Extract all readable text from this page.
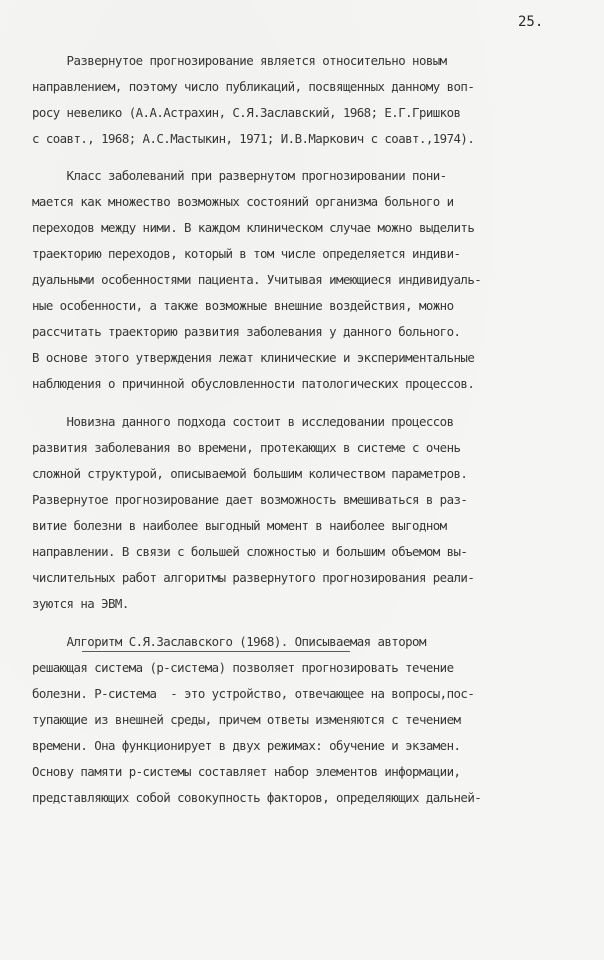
25.
Развернутое прогнозирование является относительно новым
направлением, поэтому число публикаций, посвященных данному воп-
росу невелико (А.А.Астрахин, С.Я.Заславский, 1968; Е.Г.Гришков
с соавт., 1968; А.С.Мастыкин, 1971; И.В.Маркович с соавт.,1974).
Класс заболеваний при развернутом прогнозировании пони-
мается как множество возможных состояний организма больного и
переходов между ними. В каждом клиническом случае можно выделить
траекторию переходов, который в том числе определяется индиви-
дуальными особенностями пациента. Учитывая имеющиеся индивидуаль-
ные особенности, а также возможные внешние воздействия, можно
рассчитать траекторию развития заболевания у данного больного.
В основе этого утверждения лежат клинические и экспериментальные
наблюдения о причинной обусловленности патологических процессов.
Новизна данного подхода состоит в исследовании процессов
развития заболевания во времени, протекающих в системе с очень
сложной структурой, описываемой большим количеством параметров.
Развернутое прогнозирование дает возможность вмешиваться в раз-
витие болезни в наиболее выгодный момент в наиболее выгодном
направлении. В связи с большей сложностью и большим объемом вы-
числительных работ алгоритмы развернутого прогнозирования реали-
зуются на ЭВМ.
Алгоритм С.Я.Заславского (1968). Описываемая автором
решающая система (р-система) позволяет прогнозировать течение
болезни. Р-система  - это устройство, отвечающее на вопросы,пос-
тупающие из внешней среды, причем ответы изменяются с течением
времени. Она функционирует в двух режимах: обучение и экзамен.
Основу памяти р-системы составляет набор элементов информации,
представляющих собой совокупность факторов, определяющих дальней-
